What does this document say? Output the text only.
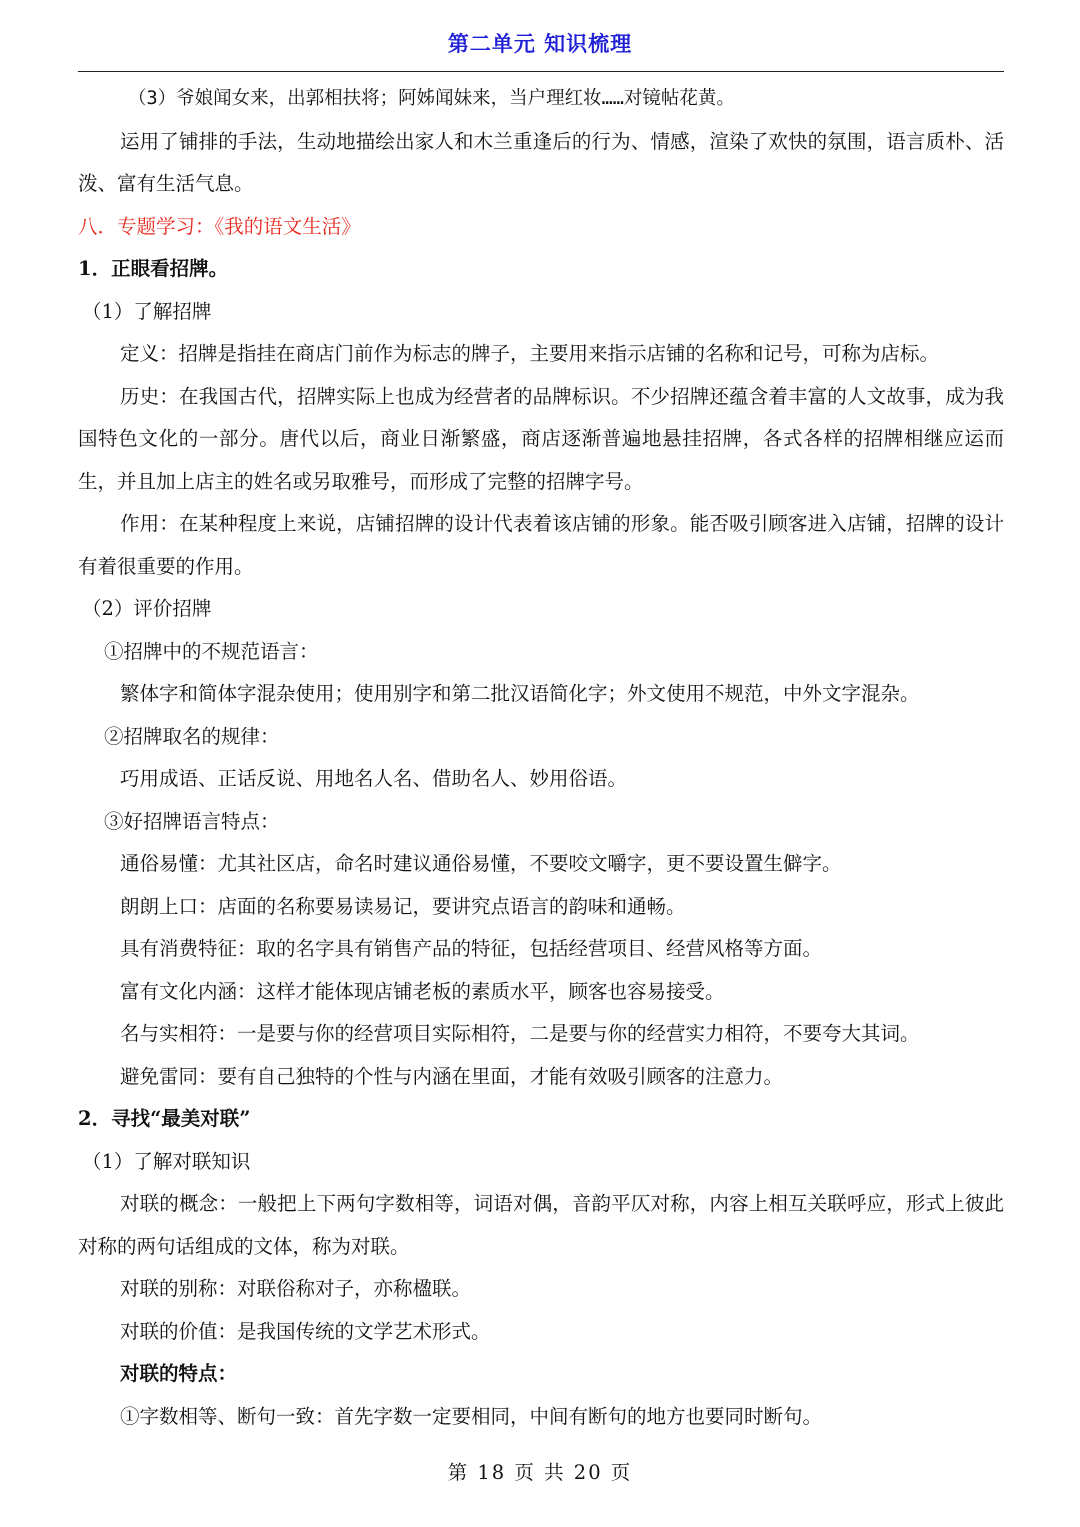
第二单元 知识梳理
（3）爷娘闻女来，出郭相扶将；阿姊闻妹来，当户理红妆……对镜帖花黄。
运用了铺排的手法，生动地描绘出家人和木兰重逢后的行为、情感，渲染了欢快的氛围，语言质朴、活泼、富有生活气息。
八．专题学习：《我的语文生活》
1．正眼看招牌。
（1）了解招牌
定义：招牌是指挂在商店门前作为标志的牌子，主要用来指示店铺的名称和记号，可称为店标。
历史：在我国古代，招牌实际上也成为经营者的品牌标识。不少招牌还蕴含着丰富的人文故事，成为我国特色文化的一部分。唐代以后，商业日渐繁盛，商店逐渐普遍地悬挂招牌，各式各样的招牌相继应运而生，并且加上店主的姓名或另取雅号，而形成了完整的招牌字号。
作用：在某种程度上来说，店铺招牌的设计代表着该店铺的形象。能否吸引顾客进入店铺，招牌的设计有着很重要的作用。
（2）评价招牌
①招牌中的不规范语言：
繁体字和简体字混杂使用；使用别字和第二批汉语简化字；外文使用不规范，中外文字混杂。
②招牌取名的规律：
巧用成语、正话反说、用地名人名、借助名人、妙用俗语。
③好招牌语言特点：
通俗易懂：尤其社区店，命名时建议通俗易懂，不要咬文嚼字，更不要设置生僻字。
朗朗上口：店面的名称要易读易记，要讲究点语言的韵味和通畅。
具有消费特征：取的名字具有销售产品的特征，包括经营项目、经营风格等方面。
富有文化内涵：这样才能体现店铺老板的素质水平，顾客也容易接受。
名与实相符：一是要与你的经营项目实际相符，二是要与你的经营实力相符，不要夸大其词。
避免雷同：要有自己独特的个性与内涵在里面，才能有效吸引顾客的注意力。
2．寻找“最美对联”
（1）了解对联知识
对联的概念：一般把上下两句字数相等，词语对偶，音韵平仄对称，内容上相互关联呼应，形式上彼此对称的两句话组成的文体，称为对联。
对联的别称：对联俗称对子，亦称楹联。
对联的价值：是我国传统的文学艺术形式。
对联的特点：
①字数相等、断句一致：首先字数一定要相同，中间有断句的地方也要同时断句。
第 18 页 共 20 页
